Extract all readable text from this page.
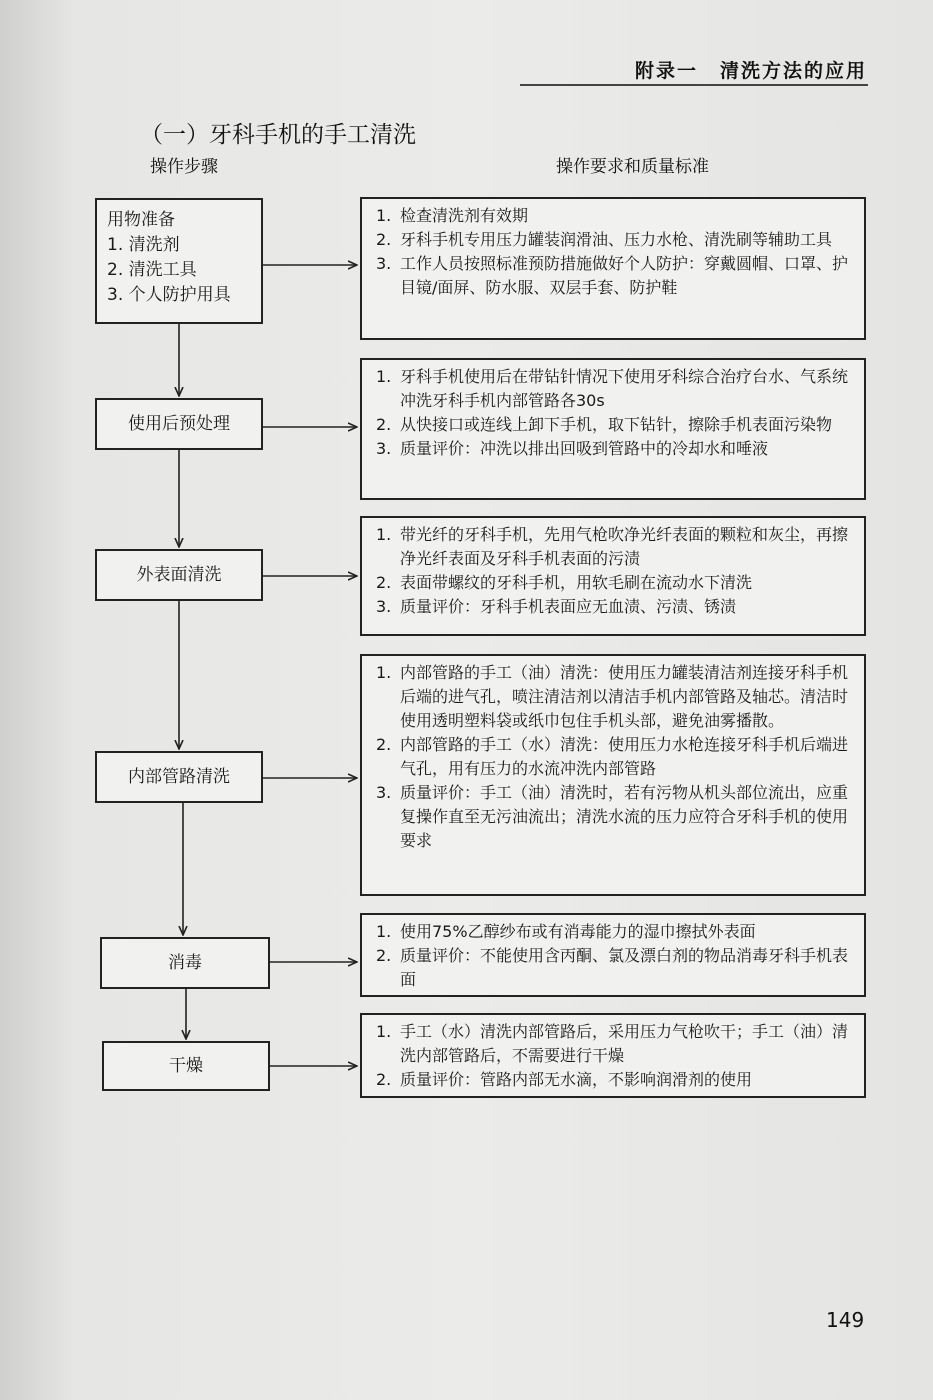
附录一 清洗方法的应用
（一）牙科手机的手工清洗
操作步骤	操作要求和质量标准
用物准备
1. 清洗剂
2. 清洗工具
3. 个人防护用具
1. 检查清洗剂有效期
2. 牙科手机专用压力罐装润滑油、压力水枪、清洗刷等辅助工具
3. 工作人员按照标准预防措施做好个人防护：穿戴圆帽、口罩、护目镜/面屏、防水服、双层手套、防护鞋
使用后预处理
1. 牙科手机使用后在带钻针情况下使用牙科综合治疗台水、气系统冲洗牙科手机内部管路各30s
2. 从快接口或连线上卸下手机，取下钻针，擦除手机表面污染物
3. 质量评价：冲洗以排出回吸到管路中的冷却水和唾液
外表面清洗
1. 带光纤的牙科手机，先用气枪吹净光纤表面的颗粒和灰尘，再擦净光纤表面及牙科手机表面的污渍
2. 表面带螺纹的牙科手机，用软毛刷在流动水下清洗
3. 质量评价：牙科手机表面应无血渍、污渍、锈渍
内部管路清洗
1. 内部管路的手工（油）清洗：使用压力罐装清洁剂连接牙科手机后端的进气孔，喷注清洁剂以清洁手机内部管路及轴芯。清洁时使用透明塑料袋或纸巾包住手机头部，避免油雾播散。
2. 内部管路的手工（水）清洗：使用压力水枪连接牙科手机后端进气孔，用有压力的水流冲洗内部管路
3. 质量评价：手工（油）清洗时，若有污物从机头部位流出，应重复操作直至无污油流出；清洗水流的压力应符合牙科手机的使用要求
消毒
1. 使用75%乙醇纱布或有消毒能力的湿巾擦拭外表面
2. 质量评价：不能使用含丙酮、氯及漂白剂的物品消毒牙科手机表面
干燥
1. 手工（水）清洗内部管路后，采用压力气枪吹干；手工（油）清洗内部管路后，不需要进行干燥
2. 质量评价：管路内部无水滴，不影响润滑剂的使用
149
